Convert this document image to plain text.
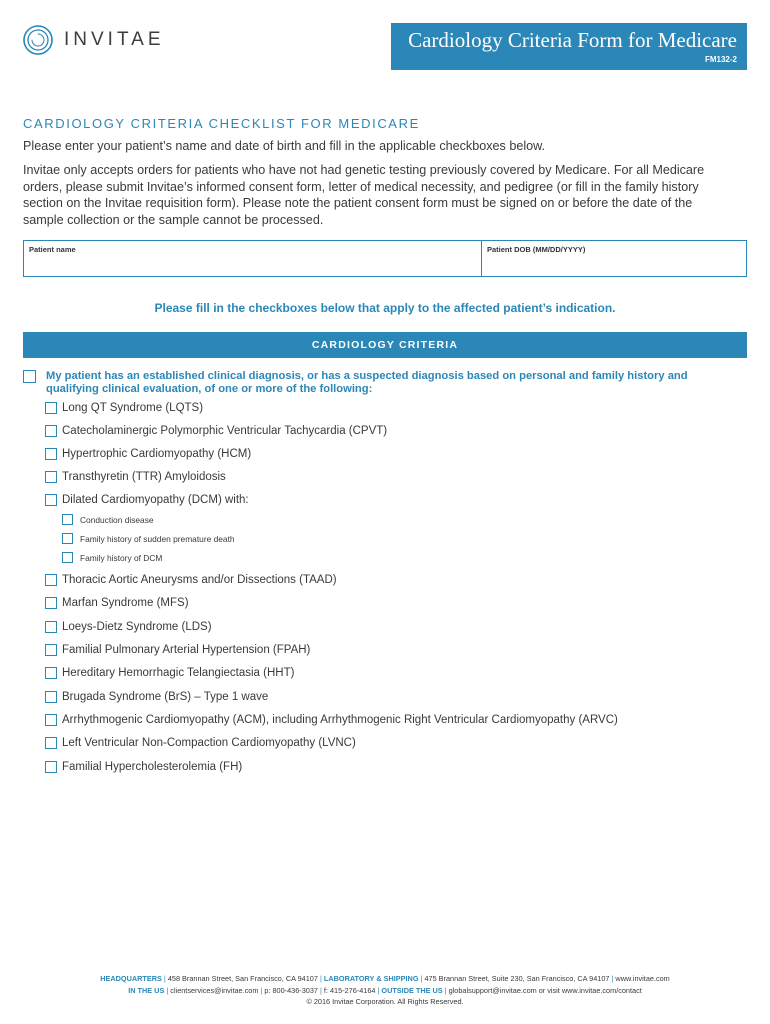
INVITAE	Cardiology Criteria Form for Medicare
FM132-2
CARDIOLOGY CRITERIA CHECKLIST FOR MEDICARE
Please enter your patient’s name and date of birth and fill in the applicable checkboxes below.
Invitae only accepts orders for patients who have not had genetic testing previously covered by Medicare. For all Medicare orders, please submit Invitae’s informed consent form, letter of medical necessity, and pedigree (or fill in the family history section on the Invitae requisition form). Please note the patient consent form must be signed on or before the date of the sample collection or the sample cannot be processed.
Patient name	Patient DOB (MM/DD/YYYY)
Please fill in the checkboxes below that apply to the affected patient’s indication.
CARDIOLOGY CRITERIA
My patient has an established clinical diagnosis, or has a suspected diagnosis based on personal and family history and qualifying clinical evaluation, of one or more of the following:
Long QT Syndrome (LQTS)
Catecholaminergic Polymorphic Ventricular Tachycardia (CPVT)
Hypertrophic Cardiomyopathy (HCM)
Transthyretin (TTR) Amyloidosis
Dilated Cardiomyopathy (DCM) with:
Conduction disease
Family history of sudden premature death
Family history of DCM
Thoracic Aortic Aneurysms and/or Dissections (TAAD)
Marfan Syndrome (MFS)
Loeys-Dietz Syndrome (LDS)
Familial Pulmonary Arterial Hypertension (FPAH)
Hereditary Hemorrhagic Telangiectasia (HHT)
Brugada Syndrome (BrS) – Type 1 wave
Arrhythmogenic Cardiomyopathy (ACM), including Arrhythmogenic Right Ventricular Cardiomyopathy (ARVC)
Left Ventricular Non-Compaction Cardiomyopathy (LVNC)
Familial Hypercholesterolemia (FH)
HEADQUARTERS | 458 Brannan Street, San Francisco, CA 94107 | LABORATORY & SHIPPING | 475 Brannan Street, Suite 230, San Francisco, CA 94107 | www.invitae.com
IN THE US | clientservices@invitae.com | p: 800-436-3037 | f: 415-276-4164 | OUTSIDE THE US | globalsupport@invitae.com or visit www.invitae.com/contact
© 2016 Invitae Corporation. All Rights Reserved.
